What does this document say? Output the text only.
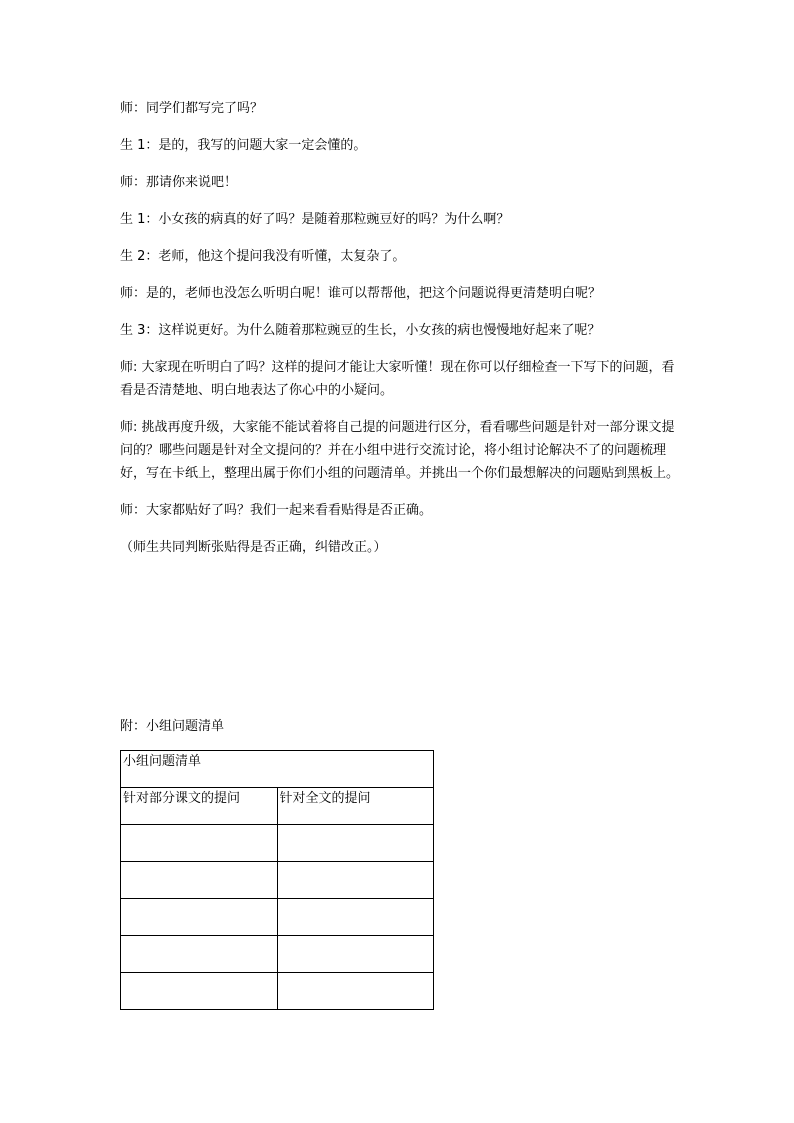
师：同学们都写完了吗？

生 1：是的，我写的问题大家一定会懂的。

师：那请你来说吧！

生 1：小女孩的病真的好了吗？是随着那粒豌豆好的吗？为什么啊？

生 2：老师，他这个提问我没有听懂，太复杂了。

师：是的，老师也没怎么听明白呢！谁可以帮帮他，把这个问题说得更清楚明白呢？

生 3：这样说更好。为什么随着那粒豌豆的生长，小女孩的病也慢慢地好起来了呢？

师: 大家现在听明白了吗？这样的提问才能让大家听懂！现在你可以仔细检查一下写下的问题，看看是否清楚地、明白地表达了你心中的小疑问。

师: 挑战再度升级，大家能不能试着将自己提的问题进行区分，看看哪些问题是针对一部分课文提问的？哪些问题是针对全文提问的？并在小组中进行交流讨论，将小组讨论解决不了的问题梳理好，写在卡纸上，整理出属于你们小组的问题清单。并挑出一个你们最想解决的问题贴到黑板上。

师：大家都贴好了吗？我们一起来看看贴得是否正确。

（师生共同判断张贴得是否正确，纠错改正。）

附：小组问题清单

小组问题清单	
针对部分课文的提问	针对全文的提问
